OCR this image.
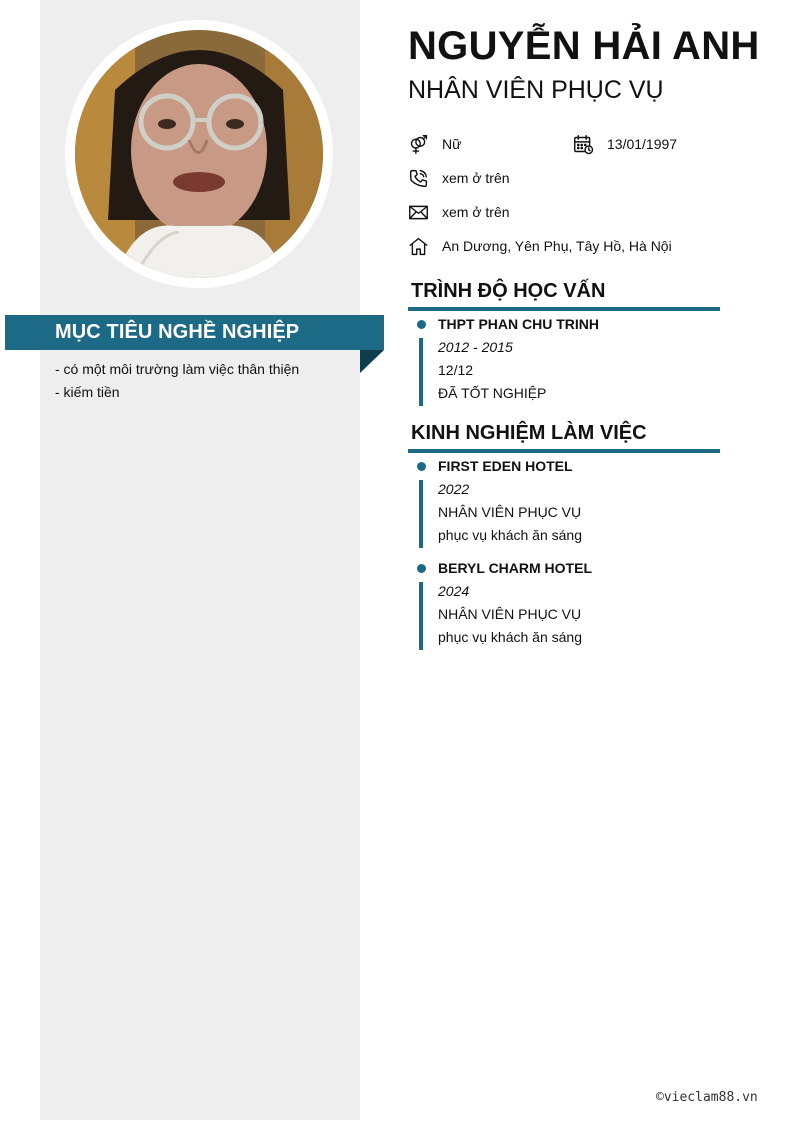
MỤC TIÊU NGHỀ NGHIỆP
- có một môi trường làm việc thân thiện
- kiếm tiền
NGUYỄN HẢI ANH
NHÂN VIÊN PHỤC VỤ
Nữ	13/01/1997
xem ở trên
xem ở trên
An Dương, Yên Phụ, Tây Hồ, Hà Nội
TRÌNH ĐỘ HỌC VẤN
THPT PHAN CHU TRINH
2012 - 2015
12/12
ĐÃ TỐT NGHIỆP
KINH NGHIỆM LÀM VIỆC
FIRST EDEN HOTEL
2022
NHÂN VIÊN PHỤC VỤ
phục vụ khách ăn sáng
BERYL CHARM HOTEL
2024
NHÂN VIÊN PHỤC VỤ
phục vụ khách ăn sáng
©vieclam88.vn
